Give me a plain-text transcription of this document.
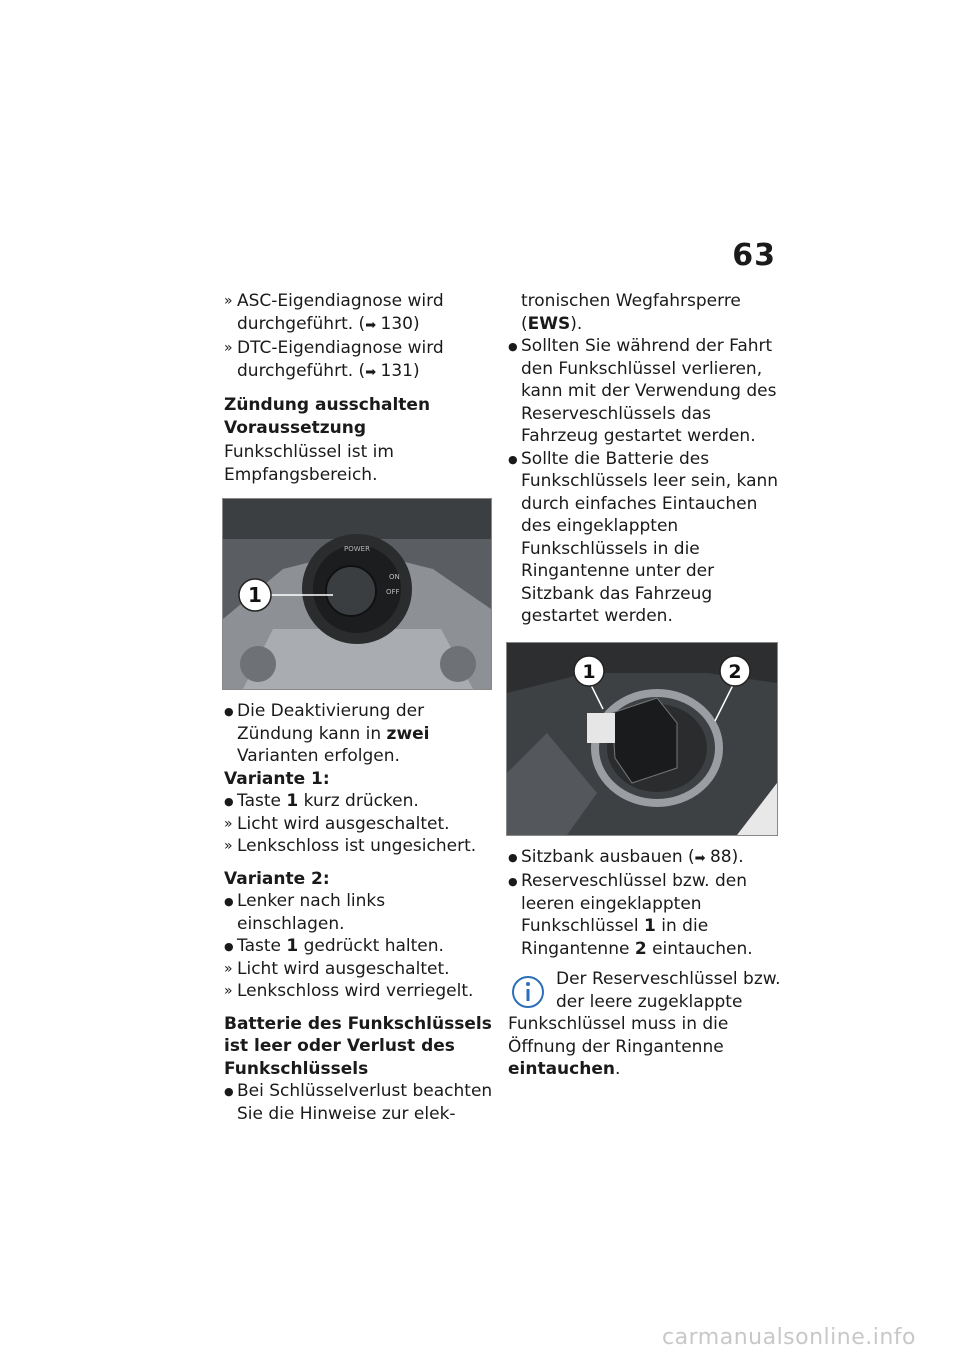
63
» ASC-Eigendiagnose wird durchgeführt. (➡ 130)
» DTC-Eigendiagnose wird durchgeführt. (➡ 131)

Zündung ausschalten

Voraussetzung

Funkschlüssel ist im Empfangsbereich.

POWER
ON
OFF
1
● Die Deaktivierung der Zündung kann in zwei Varianten erfolgen.

Variante 1:

● Taste 1 kurz drücken.
» Licht wird ausgeschaltet.
» Lenkschloss ist ungesichert.

Variante 2:

● Lenker nach links einschlagen.
● Taste 1 gedrückt halten.
» Licht wird ausgeschaltet.
» Lenkschloss wird verriegelt.

Batterie des Funkschlüssels ist leer oder Verlust des Funkschlüssels

● Bei Schlüsselverlust beachten Sie die Hinweise zur elek-
tronischen Wegfahrsperre (EWS).
● Sollten Sie während der Fahrt den Funkschlüssel verlieren, kann mit der Verwendung des Reserveschlüssels das Fahrzeug gestartet werden.
● Sollte die Batterie des Funkschlüssels leer sein, kann durch einfaches Eintauchen des eingeklappten Funkschlüssels in die Ringantenne unter der Sitzbank das Fahrzeug gestartet werden.
1	2
● Sitzbank ausbauen (➡ 88).
● Reserveschlüssel bzw. den leeren eingeklappten Funkschlüssel 1 in die Ringantenne 2 eintauchen.
Der Reserveschlüssel bzw.
der leere zugeklappte
Funkschlüssel muss in die Öffnung der Ringantenne eintauchen.
carmanualsonline.info
